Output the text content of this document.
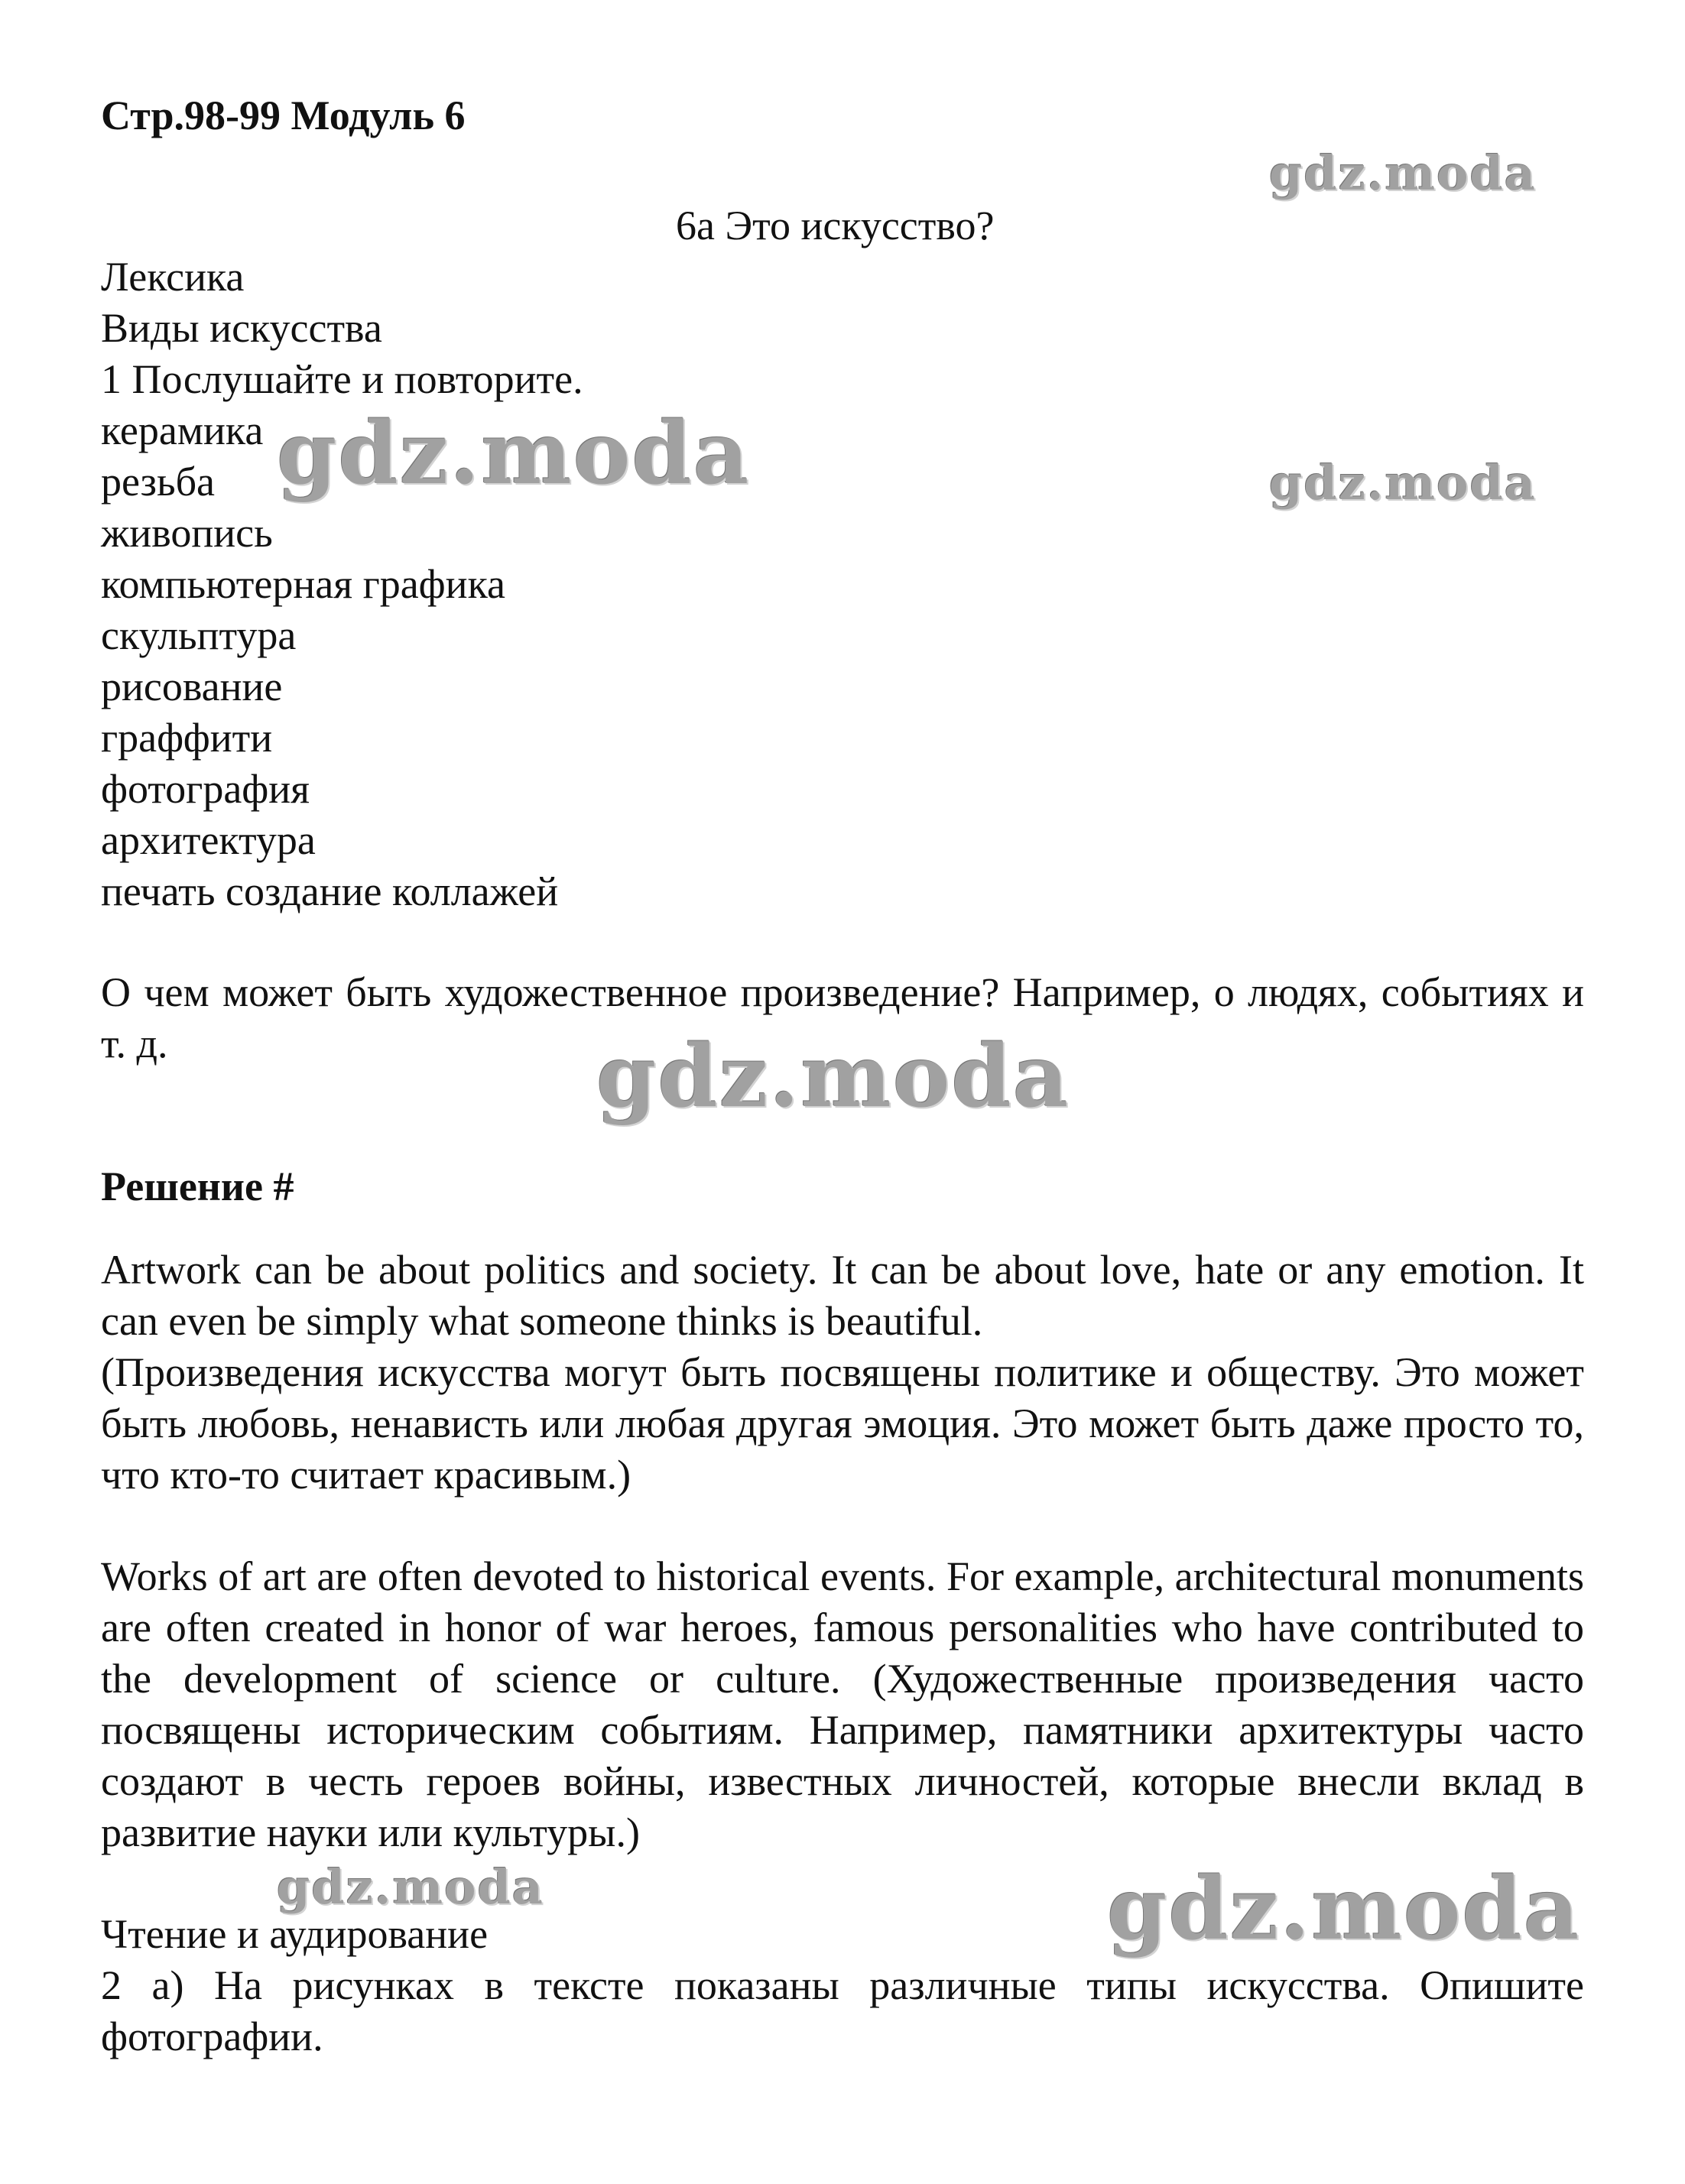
Стр.98-99 Модуль 6
6а Это искусство?
Лексика
Виды искусства
1 Послушайте и повторите.
керамика
резьба
живопись
компьютерная графика
скульптура
рисование
граффити
фотография
архитектура
печать создание коллажей
О чем может быть художественное произведение? Например, о людях, событиях и т. д.
Решение #
Artwork can be about politics and society. It can be about love, hate or any emotion. It can even be simply what someone thinks is beautiful.
(Произведения искусства могут быть посвящены политике и обществу. Это может быть любовь, ненависть или любая другая эмоция. Это может быть даже просто то, что кто-то считает красивым.)
Works of art are often devoted to historical events. For example, architectural monuments are often created in honor of war heroes, famous personalities who have contributed to the development of science or culture. (Художественные произведения часто посвящены историческим событиям. Например, памятники архитектуры часто создают в честь героев войны, известных личностей, которые внесли вклад в развитие науки или культуры.)
Чтение и аудирование
2 а) На рисунках в тексте показаны различные типы искусства. Опишите фотографии.
gdz.moda
gdz.moda	gdz.moda
gdz.moda
gdz.moda	gdz.moda
